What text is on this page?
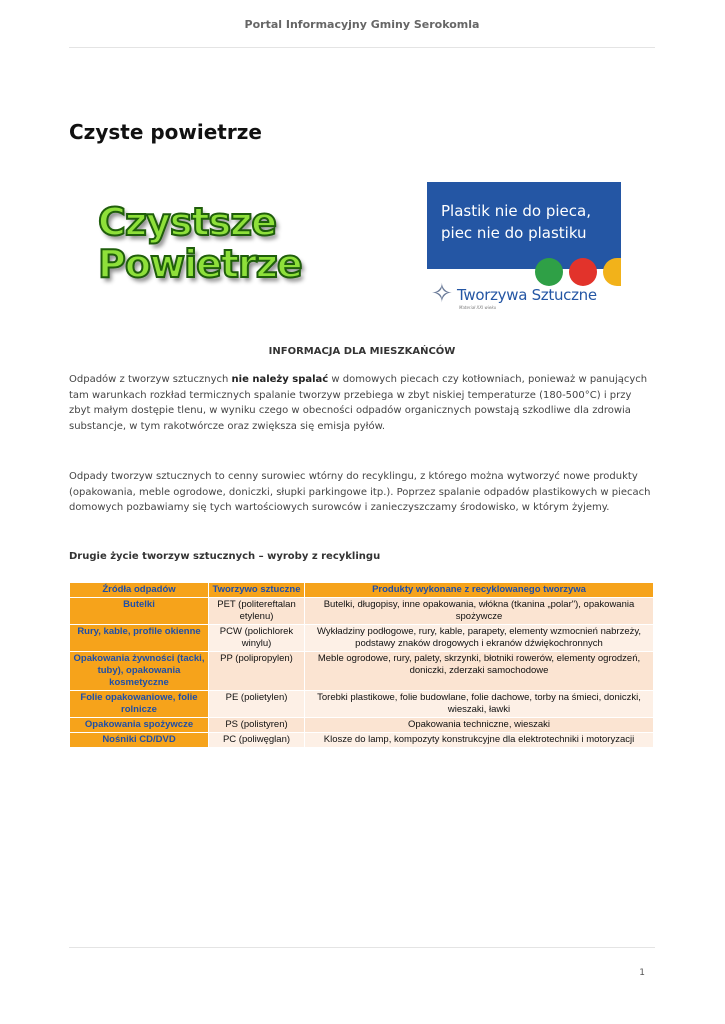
Portal Informacyjny Gminy Serokomla
Czyste powietrze
Czystsze
Powietrze
Plastik nie do pieca,
piec nie do plastiku
✧ Tworzywa Sztuczne
Materiał XXI wieku

INFORMACJA DLA MIESZKAŃCÓW

Odpadów z tworzyw sztucznych nie należy spalać w domowych piecach czy kotłowniach, ponieważ w panujących tam warunkach rozkład termicznych spalanie tworzyw przebiega w zbyt niskiej temperaturze (180-500°C) i przy zbyt małym dostępie tlenu, w wyniku czego w obecności odpadów organicznych powstają szkodliwe dla zdrowia substancje, w tym rakotwórcze oraz zwiększa się emisja pyłów.

Odpady tworzyw sztucznych to cenny surowiec wtórny do recyklingu, z którego można wytworzyć nowe produkty (opakowania, meble ogrodowe, doniczki, słupki parkingowe itp.). Poprzez spalanie odpadów plastikowych w piecach domowych pozbawiamy się tych wartościowych surowców i zanieczyszczamy środowisko, w którym żyjemy.

Drugie życie tworzyw sztucznych – wyroby z recyklingu

Źródła odpadów	Tworzywo sztuczne	Produkty wykonane z recyklowanego tworzywa
Butelki	PET (politereftalan etylenu)	Butelki, długopisy, inne opakowania, włókna (tkanina „polar"), opakowania spożywcze
Rury, kable, profile okienne	PCW (polichlorek winylu)	Wykładziny podłogowe, rury, kable, parapety, elementy wzmocnień nabrzeży, podstawy znaków drogowych i ekranów dźwiękochronnych
Opakowania żywności (tacki, tuby), opakowania kosmetyczne	PP (polipropylen)	Meble ogrodowe, rury, palety, skrzynki, błotniki rowerów, elementy ogrodzeń, doniczki, zderzaki samochodowe
Folie opakowaniowe, folie rolnicze	PE (polietylen)	Torebki plastikowe, folie budowlane, folie dachowe, torby na śmieci, doniczki, wieszaki, ławki
Opakowania spożywcze	PS (polistyren)	Opakowania techniczne, wieszaki
Nośniki CD/DVD	PC (poliwęglan)	Klosze do lamp, kompozyty konstrukcyjne dla elektrotechniki i motoryzacji
1
